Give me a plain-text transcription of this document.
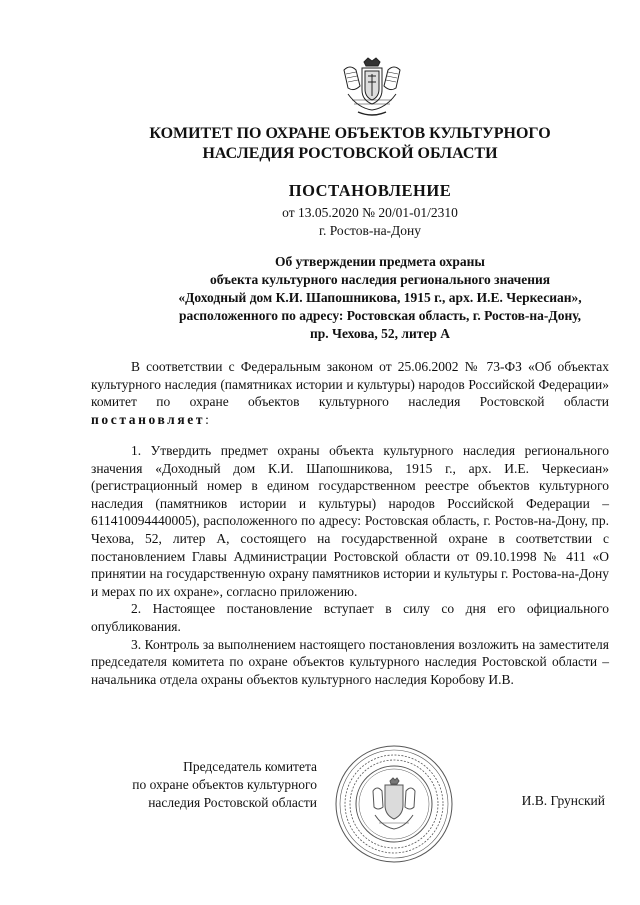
КОМИТЕТ ПО ОХРАНЕ ОБЪЕКТОВ КУЛЬТУРНОГО
НАСЛЕДИЯ РОСТОВСКОЙ ОБЛАСТИ
ПОСТАНОВЛЕНИЕ
от 13.05.2020 № 20/01-01/2310
г. Ростов-на-Дону
Об утверждении предмета охраны
объекта культурного наследия регионального значения
«Доходный дом К.И. Шапошникова, 1915 г., арх. И.Е. Черкесиан»,
расположенного по адресу: Ростовская область, г. Ростов-на-Дону,
пр. Чехова, 52, литер А

В соответствии с Федеральным законом от 25.06.2002 № 73-ФЗ «Об объектах культурного наследия (памятниках истории и культуры) народов Российской Федерации» комитет по охране объектов культурного наследия Ростовской области постановляет:

1. Утвердить предмет охраны объекта культурного наследия регионального значения «Доходный дом К.И. Шапошникова, 1915 г., арх. И.Е. Черкесиан» (регистрационный номер в едином государственном реестре объектов культурного наследия (памятников истории и культуры) народов Российской Федерации – 611410094440005), расположенного по адресу: Ростовская область, г. Ростов-на-Дону, пр. Чехова, 52, литер А, состоящего на государственной охране в соответствии с постановлением Главы Администрации Ростовской области от 09.10.1998 № 411 «О принятии на государственную охрану памятников истории и культуры г. Ростова-на-Дону и мерах по их охране», согласно приложению.

2. Настоящее постановление вступает в силу со дня его официального опубликования.

3. Контроль за выполнением настоящего постановления возложить на заместителя председателя комитета по охране объектов культурного наследия Ростовской области – начальника отдела охраны объектов культурного наследия Коробову И.В.

Председатель комитета
по охране объектов культурного
наследия Ростовской области	И.В. Грунский
